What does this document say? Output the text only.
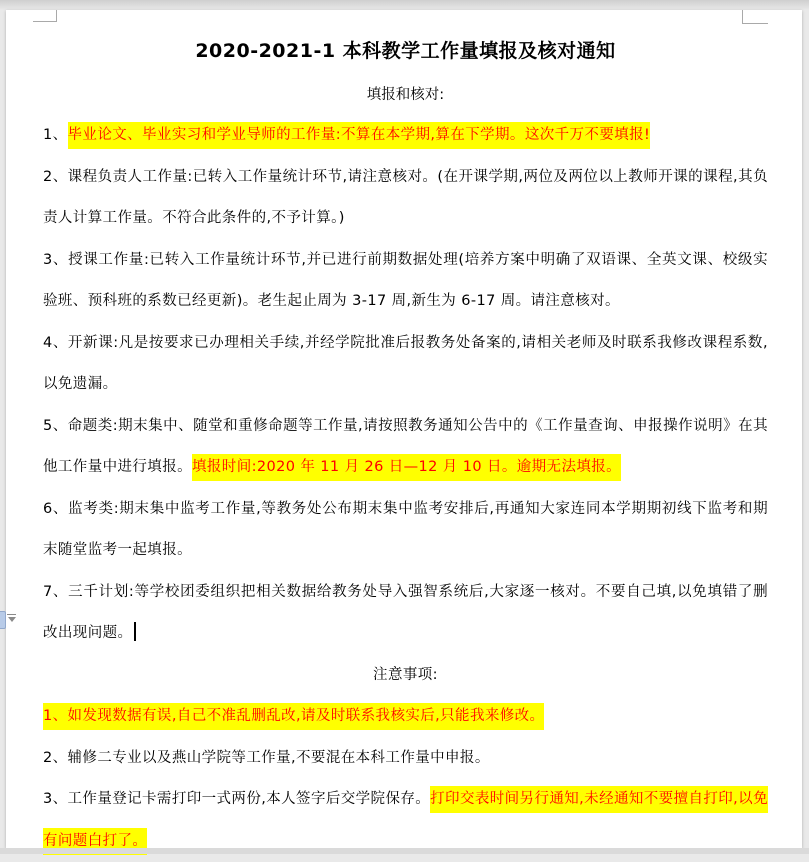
2020-2021-1 本科教学工作量填报及核对通知
填报和核对:

1、毕业论文、毕业实习和学业导师的工作量:不算在本学期,算在下学期。这次千万不要填报!

2、课程负责人工作量:已转入工作量统计环节,请注意核对。(在开课学期,两位及两位以上教师开课的课程,其负责人计算工作量。不符合此条件的,不予计算。)

3、授课工作量:已转入工作量统计环节,并已进行前期数据处理(培养方案中明确了双语课、全英文课、校级实验班、预科班的系数已经更新)。老生起止周为 3-17 周,新生为 6-17 周。请注意核对。

4、开新课:凡是按要求已办理相关手续,并经学院批准后报教务处备案的,请相关老师及时联系我修改课程系数,以免遗漏。

5、命题类:期末集中、随堂和重修命题等工作量,请按照教务通知公告中的《工作量查询、申报操作说明》在其他工作量中进行填报。填报时间:2020 年 11 月 26 日—12 月 10 日。逾期无法填报。

6、监考类:期末集中监考工作量,等教务处公布期末集中监考安排后,再通知大家连同本学期期初线下监考和期末随堂监考一起填报。

7、三千计划:等学校团委组织把相关数据给教务处导入强智系统后,大家逐一核对。不要自己填,以免填错了删改出现问题。

注意事项:

1、如发现数据有误,自己不准乱删乱改,请及时联系我核实后,只能我来修改。

2、辅修二专业以及燕山学院等工作量,不要混在本科工作量中申报。

3、工作量登记卡需打印一式两份,本人签字后交学院保存。打印交表时间另行通知,未经通知不要擅自打印,以免有问题白打了。
